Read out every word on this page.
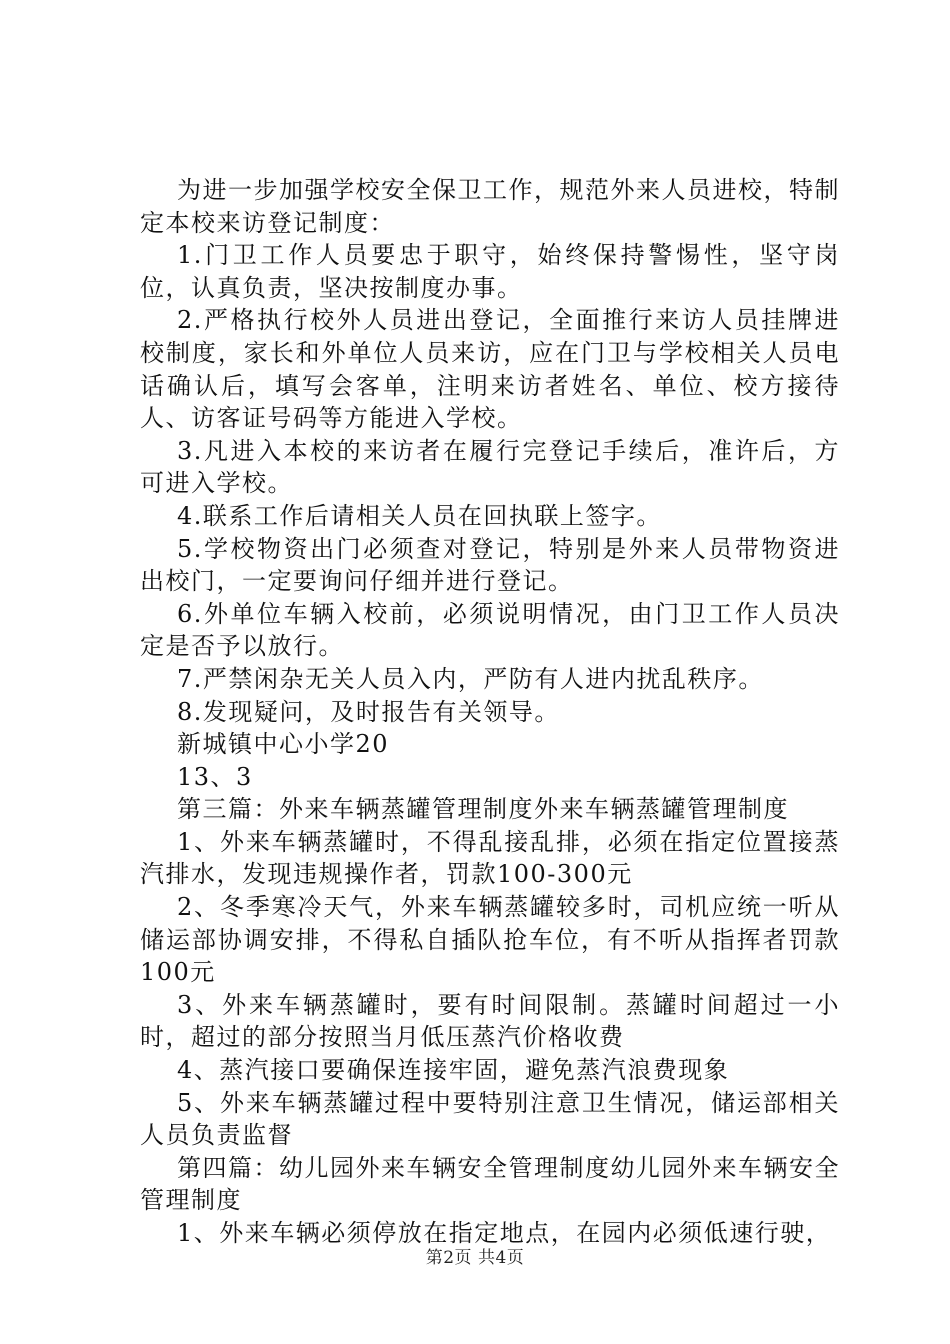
为进一步加强学校安全保卫工作，规范外来人员进校，特制定本校来访登记制度：

1.门卫工作人员要忠于职守，始终保持警惕性，坚守岗位，认真负责，坚决按制度办事。

2.严格执行校外人员进出登记，全面推行来访人员挂牌进校制度，家长和外单位人员来访，应在门卫与学校相关人员电话确认后，填写会客单，注明来访者姓名、单位、校方接待人、访客证号码等方能进入学校。

3.凡进入本校的来访者在履行完登记手续后，准许后，方可进入学校。

4.联系工作后请相关人员在回执联上签字。

5.学校物资出门必须查对登记，特别是外来人员带物资进出校门，一定要询问仔细并进行登记。

6.外单位车辆入校前，必须说明情况，由门卫工作人员决定是否予以放行。

7.严禁闲杂无关人员入内，严防有人进内扰乱秩序。

8.发现疑问，及时报告有关领导。

新城镇中心小学20

13、3

第三篇：外来车辆蒸罐管理制度外来车辆蒸罐管理制度

1、外来车辆蒸罐时，不得乱接乱排，必须在指定位置接蒸汽排水，发现违规操作者，罚款100-300元

2、冬季寒冷天气，外来车辆蒸罐较多时，司机应统一听从储运部协调安排，不得私自插队抢车位，有不听从指挥者罚款100元

3、外来车辆蒸罐时，要有时间限制。蒸罐时间超过一小时，超过的部分按照当月低压蒸汽价格收费

4、蒸汽接口要确保连接牢固，避免蒸汽浪费现象

5、外来车辆蒸罐过程中要特别注意卫生情况，储运部相关人员负责监督

第四篇：幼儿园外来车辆安全管理制度幼儿园外来车辆安全管理制度

1、外来车辆必须停放在指定地点，在园内必须低速行驶，

第2页 共4页
